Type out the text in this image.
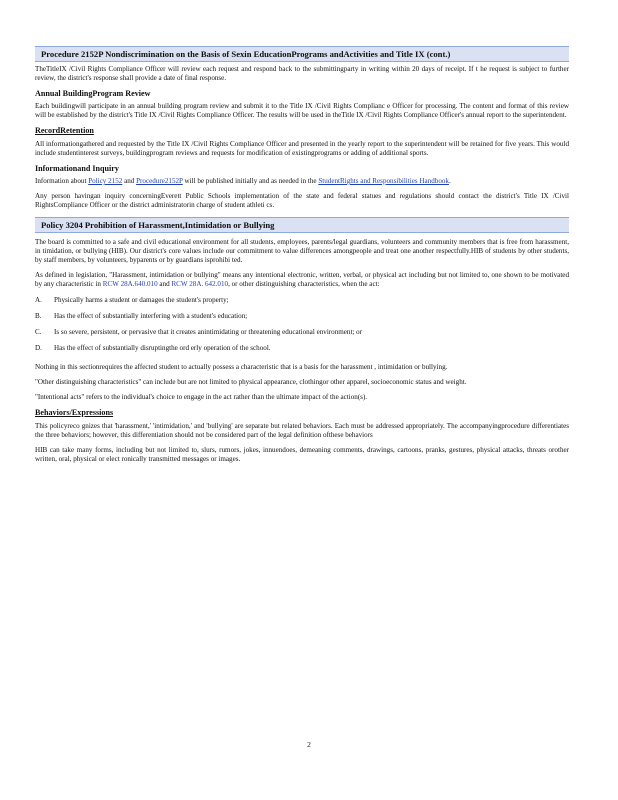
Procedure 2152P Nondiscrimination on the Basis of Sexin EducationPrograms andActivities and Title IX (cont.)

TheTitleIX /Civil Rights Compliance Officer will review each request and respond back to the submittingparty in writing within 20 days of receipt. If t he request is subject to further review, the district's response shall provide a date of final response.

Annual BuildingProgram Review

Each buildingwill participate in an annual building program review and submit it to the Title IX /Civil Rights Complianc e Officer for processing. The content and format of this review will be established by the district's Title IX /Civil Rights Compliance Officer. The results will be used in theTitle IX /Civil Rights Compliance Officer's annual report to the superintendent.

RecordRetention

All informationgathered and requested by the Title IX /Civil Rights Compliance Officer and presented in the yearly report to the superintendent will be retained for five years. This would include studentinterest surveys, buildingprogram reviews and requests for modification of existingprograms or adding of additional sports.

Informationand Inquiry

Information about Policy 2152 and Procedure2152P will be published initially and as needed in the StudentRights and Responsibilities Handbook.

Any person havingan inquiry concerningEverett Public Schools implementation of the state and federal statues and regulations should contact the district's Title IX /Civil RightsCompliance Officer or the district administratorin charge of student athleti cs.

Policy 3204 Prohibition of Harassment,Intimidation or Bullying

The board is committed to a safe and civil educational environment for all students, employees, parents/legal guardians, volunteers and community members that is free from harassment, in timidation, or bullying (HIB). Our district's core values include our commitment to value differences amongpeople and treat one another respectfully.HIB of students by other students, by staff members, by volunteers, byparents or by guardians isprohibi ted.

As defined in legislation, "Harassment, intimidation or bullying" means any intentional electronic, written, verbal, or physical act including but not limited to, one shown to be motivated by any characteristic in RCW 28A.640.010 and RCW 28A. 642.010, or other distinguishing characteristics, when the act:

A.	Physically harms a student or damages the student's property;
B.	Has the effect of substantially interfering with a student's education;
C.	Is so severe, persistent, or pervasive that it creates anintimidating or threatening educational environment; or
D.	Has the effect of substantially disruptingthe ord erly operation of the school.

Nothing in this sectionrequires the affected student to actually possess a characteristic that is a basis for the harassment , intimidation or bullying.

"Other distinguishing characteristics" can include but are not limited to physical appearance, clothingor other apparel, socioeconomic status and weight.

"Intentional acts" refers to the individual's choice to engage in the act rather than the ultimate impact of the action(s).

Behaviors/Expressions

This policyreco gnizes that 'harassment,' 'intimidation,' and 'bullying' are separate but related behaviors. Each must be addressed appropriately. The accompanyingprocedure differentiates the three behaviors; however, this differentiation should not be considered part of the legal definition ofthese behaviors

HIB can take many forms, including but not limited to, slurs, rumors, jokes, innuendoes, demeaning comments, drawings, cartoons, pranks, gestures, physical attacks, threats orother written, oral, physical or elect ronically transmitted messages or images.

2
